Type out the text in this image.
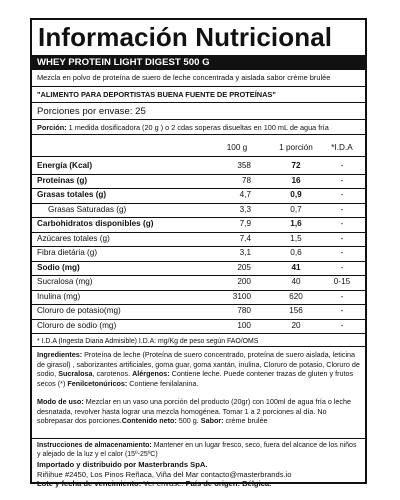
Información Nutricional
WHEY PROTEIN LIGHT DIGEST 500 G
Mezcla en polvo de proteína de suero de leche concentrada y aislada sabor crème brulée
"ALIMENTO PARA DEPORTISTAS BUENA FUENTE DE PROTEÍNAS"
Porciones por envase: 25
Porción: 1 medida dosificadora (20 g ) o 2 cdas soperas disueltas en 100 mL de agua fría
100 g	1 porción	*I.D.A
Energía (Kcal)	358	72	-
Proteínas (g)	78	16	-
Grasas totales (g)	4,7	0,9	-
Grasas Saturadas (g)	3,3	0,7	-
Carbohidratos disponibles (g)	7,9	1,6	-
Azúcares totales (g)	7,4	1,5	-
Fibra dietária (g)	3,1	0,6	-
Sodio (mg)	205	41	-
Sucralosa (mg)	200	40	0-15
Inulina (mg)	3100	620	-
Cloruro de potasio(mg)	780	156	-
Cloruro de sodio (mg)	100	20	-
* I.D.A (Ingesta Diaria Admisible) I.D.A: mg/Kg de peso según FAO/OMS
Ingredientes: Proteína de leche (Proteína de suero concentrado, proteína de suero aislada, leticina de girasol) , saborizantes artificiales, goma guar, goma xantán, inulina, Cloruro de potasio, Cloruro de sodio, Sucralosa, carotenos. Alérgenos: Contiene leche. Puede contener trazas de gluten y frutos secos (*) Fenilcetonúricos: Contiene fenilalanina.
Modo de uso: Mezclar en un vaso una porción del producto (20gr) con 100ml de agua fría o leche desnatada, revolver hasta lograr una mezcla homogénea. Tomar 1 a 2 porciones al día. No sobrepasar dos porciones.Contenido neto: 500 g. Sabor: crème brulée
Instrucciones de almacenamiento: Mantener en un lugar fresco, seco, fuera del alcance de los niños y alejado de la luz y el calor (15º-25ºC)
Importado y distribuido por Masterbrands SpA.
Riñihue #2450, Los Pinos Reñaca, Viña del Mar contacto@masterbrands.io
Lote y fecha de vencimiento: Ver envase. País de origen: Bélgica.
